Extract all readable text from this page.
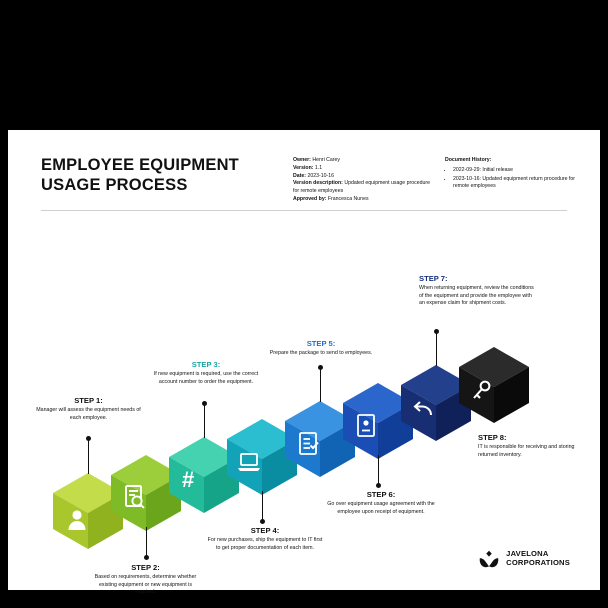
EMPLOYEE EQUIPMENT
USAGE PROCESS
Owner: Henri Carey
Version: 1.1
Date: 2023-10-16
Version description: Updated equipment usage procedure for remote employees
Approved by: Francesca Nunes
Document History:
• 2022-09-29: Initial release
• 2023-10-16: Updated equipment return procedure for remote employees
STEP 1:
Manager will assess the equipment needs of each employee.
STEP 2:
Based on requirements, determine whether existing equipment or new equipment is required.
#
STEP 3:
If new equipment is required, use the correct account number to order the equipment.
STEP 4:
For new purchases, ship the equipment to IT first to get proper documentation of each item.
STEP 5:
Prepare the package to send to employees.
STEP 6:
Go over equipment usage agreement with the employee upon receipt of equipment.
STEP 7:
When returning equipment, review the conditions of the equipment and provide the employee with an expense claim for shipment costs.
STEP 8:
IT is responsible for receiving and storing returned inventory.
JAVELONA
CORPORATIONS
